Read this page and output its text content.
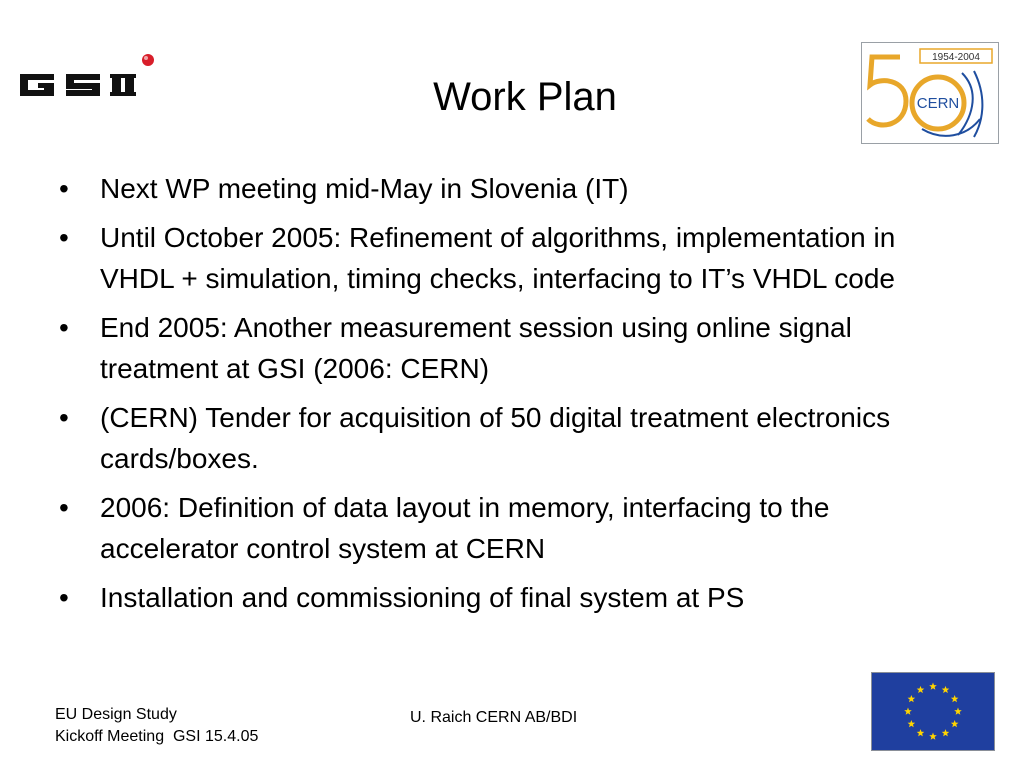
1954-2004
CERN
Work Plan
• Next WP meeting mid-May in Slovenia (IT)
• Until October 2005: Refinement of algorithms, implementation in VHDL + simulation, timing checks, interfacing to IT’s VHDL code
• End 2005: Another measurement session using online signal treatment at GSI (2006: CERN)
• (CERN) Tender for acquisition of 50 digital treatment electronics cards/boxes.
• 2006: Definition of data layout in memory, interfacing to the accelerator control system at CERN
• Installation and commissioning of final system at PS
EU Design Study
Kickoff Meeting  GSI 15.4.05
U. Raich CERN AB/BDI
